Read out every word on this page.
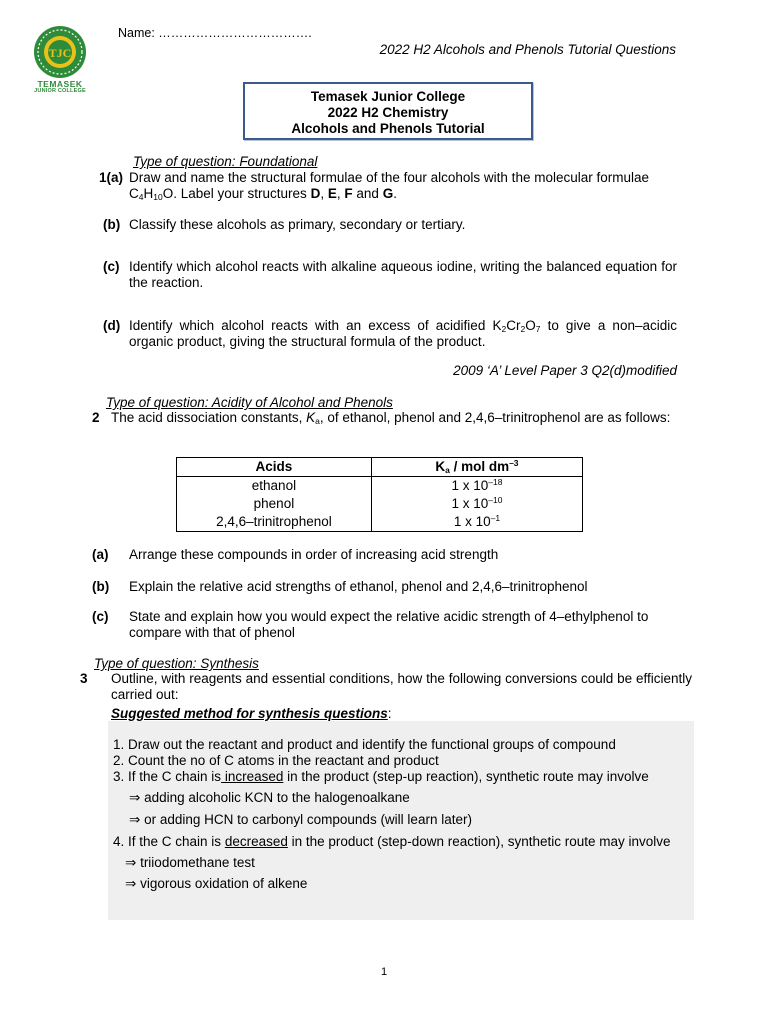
TJC
TEMASEK
JUNIOR COLLEGE
Name: ……………………………….
2022 H2 Alcohols and Phenols Tutorial Questions
Temasek Junior College
2022 H2 Chemistry
Alcohols and Phenols Tutorial
Type of question: Foundational
1(a) Draw and name the structural formulae of the four alcohols with the molecular formulae
$C_4H_{10}O$. Label your structures D, E, F and G.
(b) Classify these alcohols as primary, secondary or tertiary.
(c) Identify which alcohol reacts with alkaline aqueous iodine, writing the balanced equation for the reaction.
(d) Identify which alcohol reacts with an excess of acidified $K_2Cr_2O_7$ to give a non–acidic organic product, giving the structural formula of the product.
2009 ‘A’ Level Paper 3 Q2(d)modified
Type of question: Acidity of Alcohol and Phenols
2 The acid dissociation constants, $K_a$, of ethanol, phenol and 2,4,6–trinitrophenol are as follows:
Acids	$K_a$ / mol $dm^{-3}$
ethanol	1 x $10^{-18}$
phenol	1 x $10^{-10}$
2,4,6–trinitrophenol	1 x $10^{-1}$
(a) Arrange these compounds in order of increasing acid strength
(b) Explain the relative acid strengths of ethanol, phenol and 2,4,6–trinitrophenol
(c) State and explain how you would expect the relative acidic strength of 4–ethylphenol to compare with that of phenol
Type of question: Synthesis
3 Outline, with reagents and essential conditions, how the following conversions could be efficiently carried out:
Suggested method for synthesis questions:
1. Draw out the reactant and product and identify the functional groups of compound
2. Count the no of C atoms in the reactant and product
3. If the C chain is increased in the product (step-up reaction), synthetic route may involve
⇒ adding alcoholic KCN to the halogenoalkane
⇒ or adding HCN to carbonyl compounds (will learn later)
4. If the C chain is decreased in the product (step-down reaction), synthetic route may involve
⇒ triiodomethane test
⇒ vigorous oxidation of alkene
1
